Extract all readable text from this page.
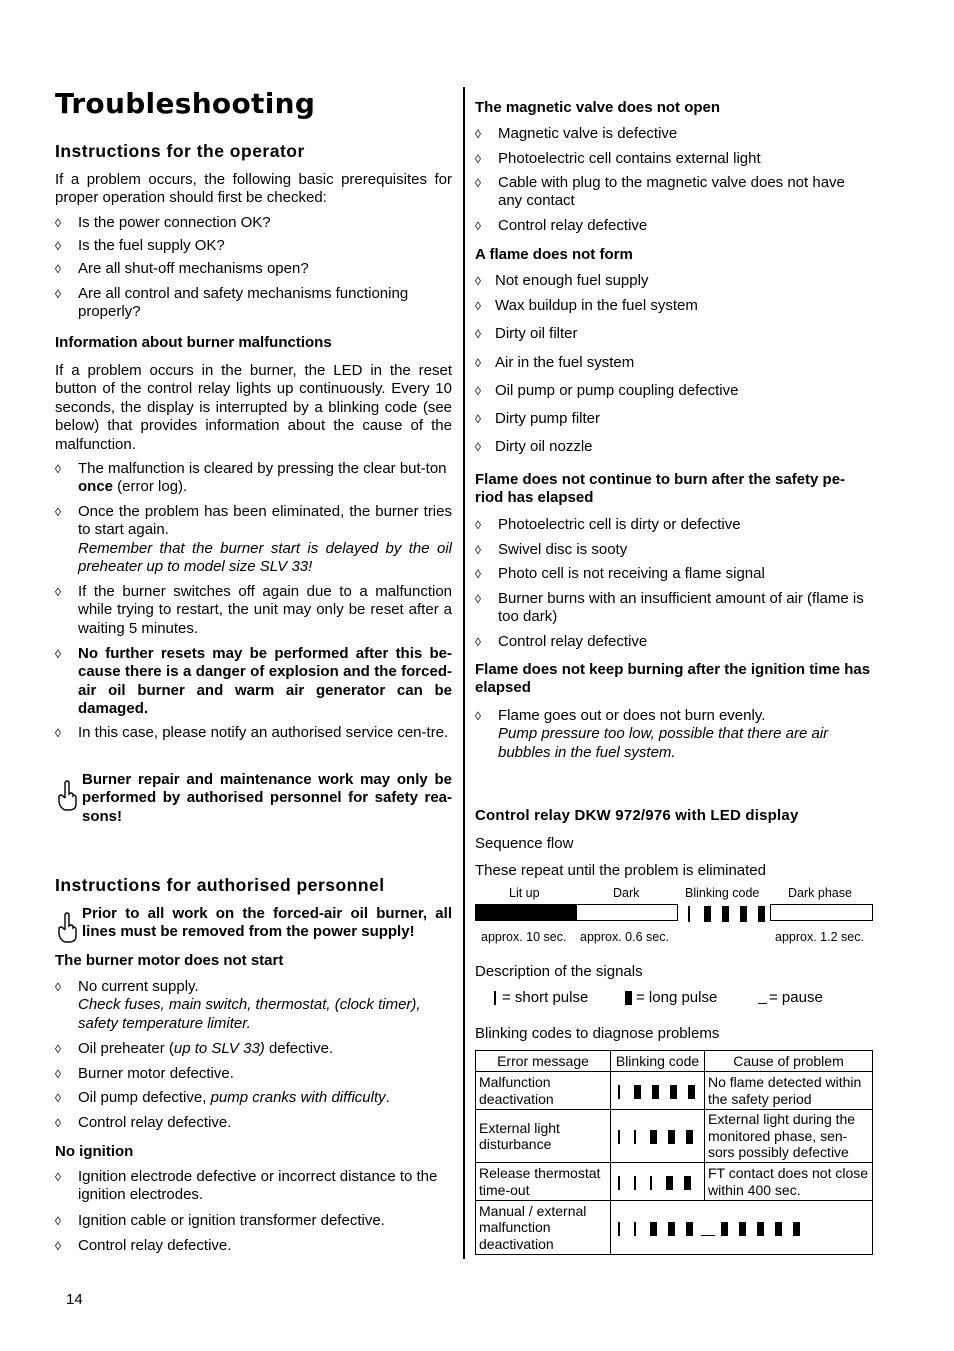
Troubleshooting
Instructions for the operator
If a problem occurs, the following basic prerequisites for proper operation should first be checked:
◊ Is the power connection OK?
◊ Is the fuel supply OK?
◊ Are all shut-off mechanisms open?
◊ Are all control and safety mechanisms functioning properly?
Information about burner malfunctions
If a problem occurs in the burner, the LED in the reset button of the control relay lights up continuously. Every 10 seconds, the display is interrupted by a blinking code (see below) that provides information about the cause of the malfunction.
◊ The malfunction is cleared by pressing the clear but-ton once (error log).
◊ Once the problem has been eliminated, the burner tries to start again.
Remember that the burner start is delayed by the oil preheater up to model size SLV 33!
◊ If the burner switches off again due to a malfunction while trying to restart, the unit may only be reset after a waiting 5 minutes.
◊ No further resets may be performed after this be-cause there is a danger of explosion and the forced-air oil burner and warm air generator can be damaged.
◊ In this case, please notify an authorised service cen-tre.
Burner repair and maintenance work may only be performed by authorised personnel for safety rea-sons!
Instructions for authorised personnel
Prior to all work on the forced-air oil burner, all lines must be removed from the power supply!
The burner motor does not start
◊ No current supply.
Check fuses, main switch, thermostat, (clock timer), safety temperature limiter.
◊ Oil preheater (up to SLV 33) defective.
◊ Burner motor defective.
◊ Oil pump defective, pump cranks with difficulty.
◊ Control relay defective.
No ignition
◊ Ignition electrode defective or incorrect distance to the ignition electrodes.
◊ Ignition cable or ignition transformer defective.
◊ Control relay defective.
14
The magnetic valve does not open
◊ Magnetic valve is defective
◊ Photoelectric cell contains external light
◊ Cable with plug to the magnetic valve does not have any contact
◊ Control relay defective
A flame does not form
◊ Not enough fuel supply
◊ Wax buildup in the fuel system
◊ Dirty oil filter
◊ Air in the fuel system
◊ Oil pump or pump coupling defective
◊ Dirty pump filter
◊ Dirty oil nozzle
Flame does not continue to burn after the safety pe-riod has elapsed
◊ Photoelectric cell is dirty or defective
◊ Swivel disc is sooty
◊ Photo cell is not receiving a flame signal
◊ Burner burns with an insufficient amount of air (flame is too dark)
◊ Control relay defective
Flame does not keep burning after the ignition time has elapsed
◊ Flame goes out or does not burn evenly.
Pump pressure too low, possible that there are air bubbles in the fuel system.
Control relay DKW 972/976 with LED display
Sequence flow
These repeat until the problem is eliminated
Lit up	Dark	Blinking code Dark phase
approx. 10 sec. approx. 0.6 sec.	approx. 1.2 sec.
Description of the signals
= short pulse	= long pulse	= pause
Blinking codes to diagnose problems
Error message	Blinking code	Cause of problem
Malfunction deactivation		No flame detected within the safety period
External light disturbance		External light during the monitored phase, sen-sors possibly defective
Release thermostat time-out		FT contact does not close within 400 sec.
Manual / external malfunction deactivation		
